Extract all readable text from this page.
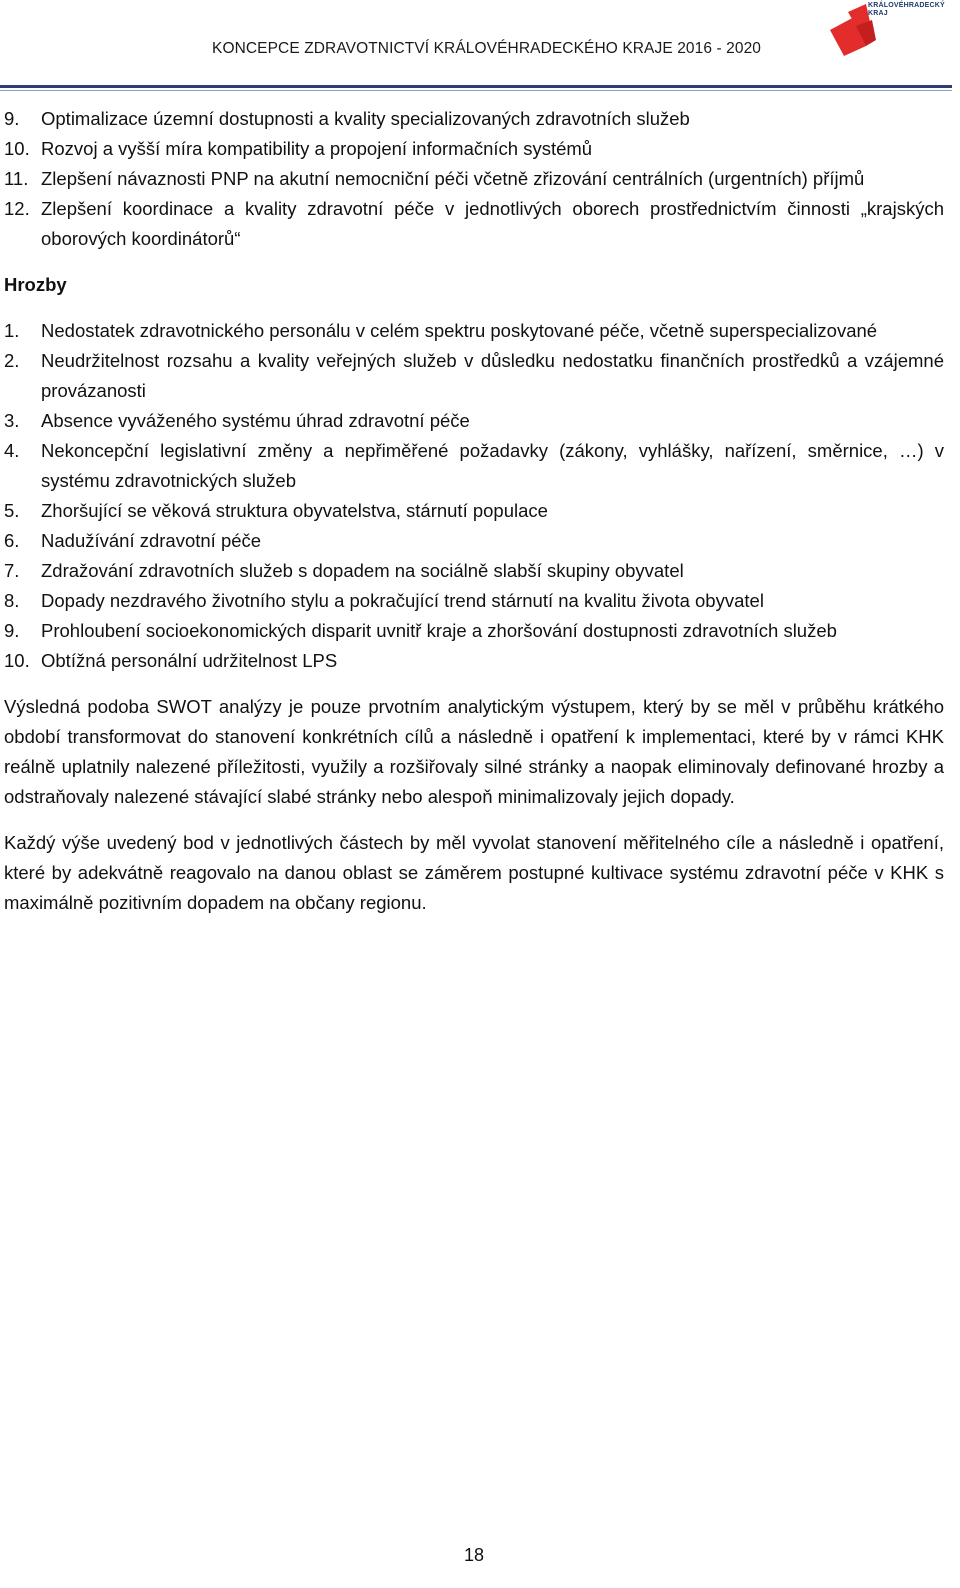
KONCEPCE ZDRAVOTNICTVÍ KRÁLOVÉHRADECKÉHO KRAJE 2016 - 2020
KRÁLOVÉHRADECKÝ
KRAJ
9. Optimalizace územní dostupnosti a kvality specializovaných zdravotních služeb
10. Rozvoj a vyšší míra kompatibility a propojení informačních systémů
11. Zlepšení návaznosti PNP na akutní nemocniční péči včetně zřizování centrálních (urgentních) příjmů
12. Zlepšení koordinace a kvality zdravotní péče v jednotlivých oborech prostřednictvím činnosti „krajských oborových koordinátorů“
Hrozby
1. Nedostatek zdravotnického personálu v celém spektru poskytované péče, včetně superspecializované
2. Neudržitelnost rozsahu a kvality veřejných služeb v důsledku nedostatku finančních prostředků a vzájemné provázanosti
3. Absence vyváženého systému úhrad zdravotní péče
4. Nekoncepční legislativní změny a nepřiměřené požadavky (zákony, vyhlášky, nařízení, směrnice, …) v systému zdravotnických služeb
5. Zhoršující se věková struktura obyvatelstva, stárnutí populace
6. Nadužívání zdravotní péče
7. Zdražování zdravotních služeb s dopadem na sociálně slabší skupiny obyvatel
8. Dopady nezdravého životního stylu a pokračující trend stárnutí na kvalitu života obyvatel
9. Prohloubení socioekonomických disparit uvnitř kraje a zhoršování dostupnosti zdravotních služeb
10. Obtížná personální udržitelnost LPS

Výsledná podoba SWOT analýzy je pouze prvotním analytickým výstupem, který by se měl v průběhu krátkého období transformovat do stanovení konkrétních cílů a následně i opatření k implementaci, které by v rámci KHK reálně uplatnily nalezené příležitosti, využily a rozšiřovaly silné stránky a naopak eliminovaly definované hrozby a odstraňovaly nalezené stávající slabé stránky nebo alespoň minimalizovaly jejich dopady.

Každý výše uvedený bod v jednotlivých částech by měl vyvolat stanovení měřitelného cíle a následně i opatření, které by adekvátně reagovalo na danou oblast se záměrem postupné kultivace systému zdravotní péče v KHK s maximálně pozitivním dopadem na občany regionu.

18
